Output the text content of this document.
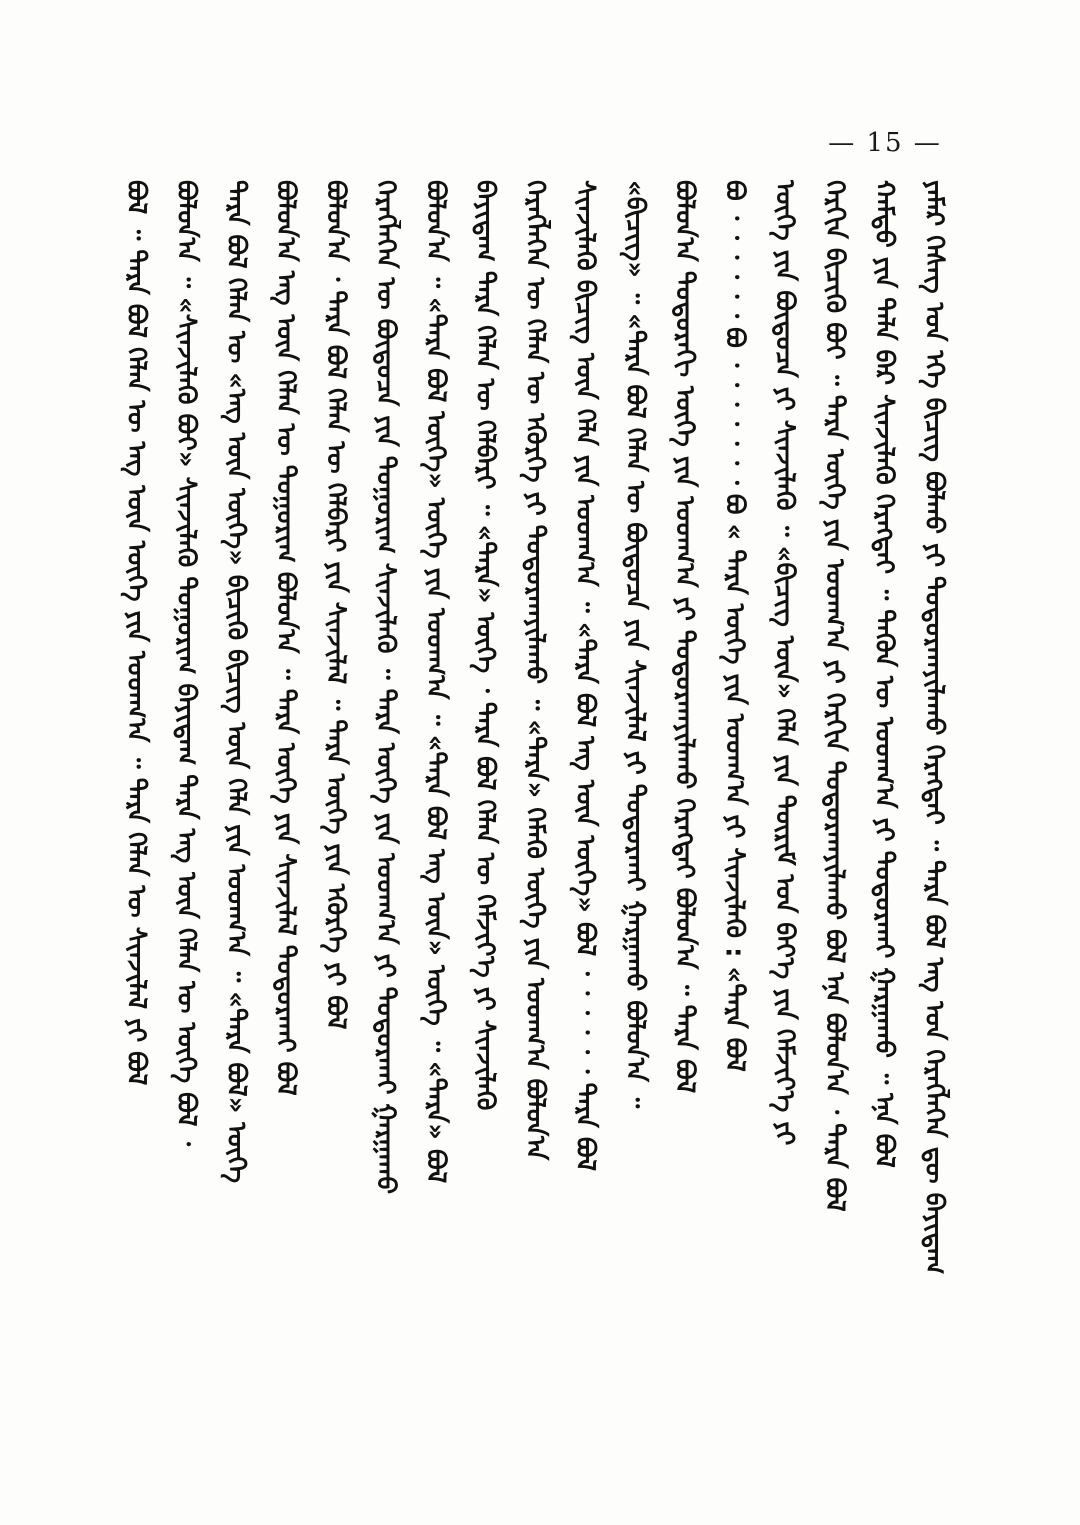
— 15 —
ᠶᠠᠮᠠᠷ ᠬᠡᠰᠡᠭ ᠤᠨ ᠡᠬᠡ ᠪᠢᠴᠢᠭ ᠪᠤᠯᠬᠤ ᠶᠢ ᠲᠤᠳᠤᠷᠬᠠᠶᠢᠯᠠᠬᠤ ᠬᠡᠷᠡᠭᠲᠡᠢ ᠃ ᠲᠡᠷᠡ ᠪᠤᠯ ᠡᠩ ᠤᠨ ᠬᠡᠷᠡᠭᠯᠡᠭᠡᠨ ᠳᠦ ᠪᠠᠶᠢᠳᠠᠭ
ᠬᠠᠮᠲᠤ ᠶᠢᠨ ᠲᠠᠯᠠ ᠪᠠᠷ ᠰᠢᠨᠵᠢᠯᠡᠬᠦ ᠬᠡᠷᠡᠭᠲᠡᠢ ᠃ ᠲᠡᠭᠦᠨ ᠦ ᠤᠳᠬ᠎ᠠ ᠶᠢ ᠲᠣᠳᠣᠷᠬᠠᠢ ᠭᠠᠷᠭᠠᠬᠤ ᠃ ᠡᠨᠡ ᠪᠣᠯ
ᠬᠡᠷᠬᠢᠨ ᠪᠢᠴᠢᠬᠦ ᠪᠤᠢ ᠃ ᠲᠡᠷᠡ ᠦᠭᠡ ᠶᠢᠨ ᠤᠳᠬ᠎ᠠ ᠶᠢ ᠬᠡᠷᠬᠢᠨ ᠲᠣᠳᠣᠷᠬᠠᠶᠢᠯᠠᠬᠤ ᠪᠣᠯ ᠡᠨᠡ ᠪᠣᠯᠤᠨ᠎ᠠ ᠂ ᠲᠡᠷᠡ ᠪᠣᠯ
ᠦᠭᠡ ᠶᠢᠨ ᠪᠦᠲᠦᠴᠡ ᠶᠢ ᠰᠢᠨᠵᠢᠯᠡᠬᠦ ᠃ «ᠪᠢᠴᠢᠭ ᠦᠨ» ᠬᠡᠯᠡ ᠶᠢᠨ ᠳᠦᠷᠢᠮ ᠤᠨ ᠪᠡᠶ᠎ᠡ ᠶᠢᠨ ᠬᠡᠮᠵᠢᠶ᠎ᠡ ᠶᠢ
ᠪᠤ ᠂ ᠂ ᠂ ᠂ ᠂ ᠂ ᠪᠤ ᠂ ᠂ ᠂ ᠂ ᠂ ᠂ ᠂ ᠪᠤ « ᠲᠡᠷᠡ ᠦᠭᠡ ᠶᠢᠨ ᠤᠳᠬ᠎ᠠ ᠶᠢ ᠰᠢᠨᠵᠢᠯᠡᠬᠦ : «ᠲᠡᠷᠡ ᠪᠣᠯ
ᠪᠤᠯᠤᠨ᠎ᠠ ᠳᠣᠲᠣᠷᠠᠬᠢ ᠦᠭᠡ ᠶᠢᠨ ᠤᠳᠬ᠎ᠠ ᠶᠢ ᠲᠤᠳᠤᠷᠬᠠᠶᠢᠯᠠᠬᠤ ᠬᠡᠷᠡᠭᠲᠡᠢ ᠪᠤᠯᠤᠨ᠎ᠠ ᠃ ᠲᠡᠷᠡ ᠪᠣᠯ
«ᠪᠢᠴᠢᠭ» ᠃ «ᠲᠡᠷᠡ ᠪᠣᠯ ᠬᠡᠯᠡᠨ ᠦ ᠪᠦᠲᠦᠴᠡ ᠶᠢᠨ ᠰᠢᠨᠵᠢᠯᠡᠯ ᠶᠢ ᠲᠣᠳᠣᠷᠬᠠᠢ ᠭᠠᠷᠭᠠᠬᠤ ᠪᠣᠯᠤᠨ᠎ᠠ ᠃
ᠰᠢᠨᠵᠢᠯᠡᠬᠦ ᠪᠢᠴᠢᠭ ᠦᠨ ᠬᠡᠯᠡ ᠶᠢᠨ ᠤᠳᠬ᠎ᠠ ᠃ «ᠲᠡᠷᠡ ᠪᠣᠯ ᠡᠩ ᠦᠨ ᠦᠭᠡ» ᠪᠣᠯ ᠂ ᠂ ᠂ ᠂ ᠂ ᠂ ᠲᠡᠷᠡ ᠪᠣᠯ
ᠬᠡᠷᠡᠭᠯᠡᠭᠡᠨ ᠦ ᠬᠡᠯᠡᠨ ᠦ ᠡᠭᠦᠷᠭᠡ ᠶᠢ ᠲᠣᠳᠣᠷᠬᠠᠶᠢᠯᠠᠬᠤ ᠃ «ᠲᠡᠷᠡ» ᠬᠡᠮᠡᠬᠦ ᠦᠭᠡ ᠶᠢᠨ ᠤᠳᠬ᠎ᠠ ᠪᠣᠯᠤᠨ᠎ᠠ
ᠪᠠᠶᠢᠳᠠᠭ ᠲᠡᠷᠡ ᠬᠡᠯᠡᠨ ᠦ ᠬᠡᠯᠪᠡᠷᠢ ᠃ «ᠲᠡᠷᠡ» ᠦᠭᠡ ᠂ ᠲᠡᠷᠡ ᠪᠣᠯ ᠬᠡᠯᠡᠨ ᠦ ᠬᠡᠮᠵᠢᠶ᠎ᠡ ᠶᠢ ᠰᠢᠨᠵᠢᠯᠡᠬᠦ
ᠪᠣᠯᠤᠨ᠎ᠠ ᠃ «ᠲᠡᠷᠡ ᠪᠣᠯ ᠦᠭᠡ» ᠦᠭᠡ ᠶᠢᠨ ᠤᠳᠬ᠎ᠠ ᠃ «ᠲᠡᠷᠡ ᠪᠣᠯ ᠡᠩ ᠦᠨ» ᠦᠭᠡ ᠃ «ᠲᠡᠷᠡ» ᠪᠣᠯ
ᠬᠡᠷᠡᠭᠯᠡᠭᠡᠨ ᠦ ᠪᠦᠲᠦᠴᠡ ᠶᠢᠨ ᠲᠤᠭᠤᠷᠢᠭ ᠰᠢᠨᠵᠢᠯᠡᠬᠦ ᠃ ᠲᠡᠷᠡ ᠦᠭᠡ ᠶᠢᠨ ᠤᠳᠬ᠎ᠠ ᠶᠢ ᠲᠣᠳᠣᠷᠬᠠᠢ ᠭᠠᠷᠭᠠᠬᠤ
ᠪᠤᠯᠤᠨ᠎ᠠ ᠂ ᠲᠡᠷᠡ ᠪᠣᠯ ᠬᠡᠯᠡᠨ ᠦ ᠬᠡᠯᠪᠡᠷᠢ ᠶᠢᠨ ᠰᠢᠨᠵᠢᠯᠡᠯ ᠃ ᠲᠡᠷᠡ ᠦᠭᠡ ᠶᠢᠨ ᠡᠭᠦᠷᠭᠡ ᠶᠢ ᠪᠣᠯ
ᠪᠤᠯᠤᠨ᠎ᠠ ᠡᠩ ᠦᠨ ᠬᠡᠯᠡᠨ ᠦ ᠲᠤᠭᠤᠷᠢᠭ ᠪᠣᠯᠤᠨ᠎ᠠ ᠃ ᠲᠡᠷᠡ ᠦᠭᠡ ᠶᠢᠨ ᠰᠢᠨᠵᠢᠯᠡᠯ ᠲᠣᠳᠣᠷᠬᠠᠢ ᠪᠣᠯ
ᠲᠡᠷᠡ ᠪᠣᠯ ᠬᠡᠯᠡᠨ ᠦ «ᠡᠩ ᠦᠨ ᠦᠭᠡ» ᠪᠢᠴᠢᠬᠦ ᠪᠢᠴᠢᠭ ᠦᠨ ᠬᠡᠯᠡ ᠶᠢᠨ ᠤᠳᠬ᠎ᠠ ᠃ «ᠲᠡᠷᠡ ᠪᠣᠯ» ᠦᠭᠡ
ᠪᠤᠯᠤᠨ᠎ᠠ ᠃ «ᠰᠢᠨᠵᠢᠯᠡᠬᠦ ᠪᠤᠢ» ᠰᠢᠨᠵᠢᠯᠡᠬᠦ ᠲᠤᠭᠤᠷᠢᠭ ᠪᠠᠶᠢᠳᠠᠭ ᠲᠡᠷᠡ ᠡᠩ ᠦᠨ ᠬᠡᠯᠡᠨ ᠦ ᠦᠭᠡ ᠪᠣᠯ ᠂
ᠪᠣᠯ ᠃ ᠲᠡᠷᠡ ᠪᠣᠯ ᠬᠡᠯᠡᠨ ᠦ ᠡᠩ ᠦᠨ ᠦᠭᠡ ᠶᠢᠨ ᠤᠳᠬ᠎ᠠ ᠃ ᠲᠡᠷᠡ ᠬᠡᠯᠡᠨ ᠦ ᠰᠢᠨᠵᠢᠯᠡᠯ ᠶᠢ ᠪᠣᠯ
